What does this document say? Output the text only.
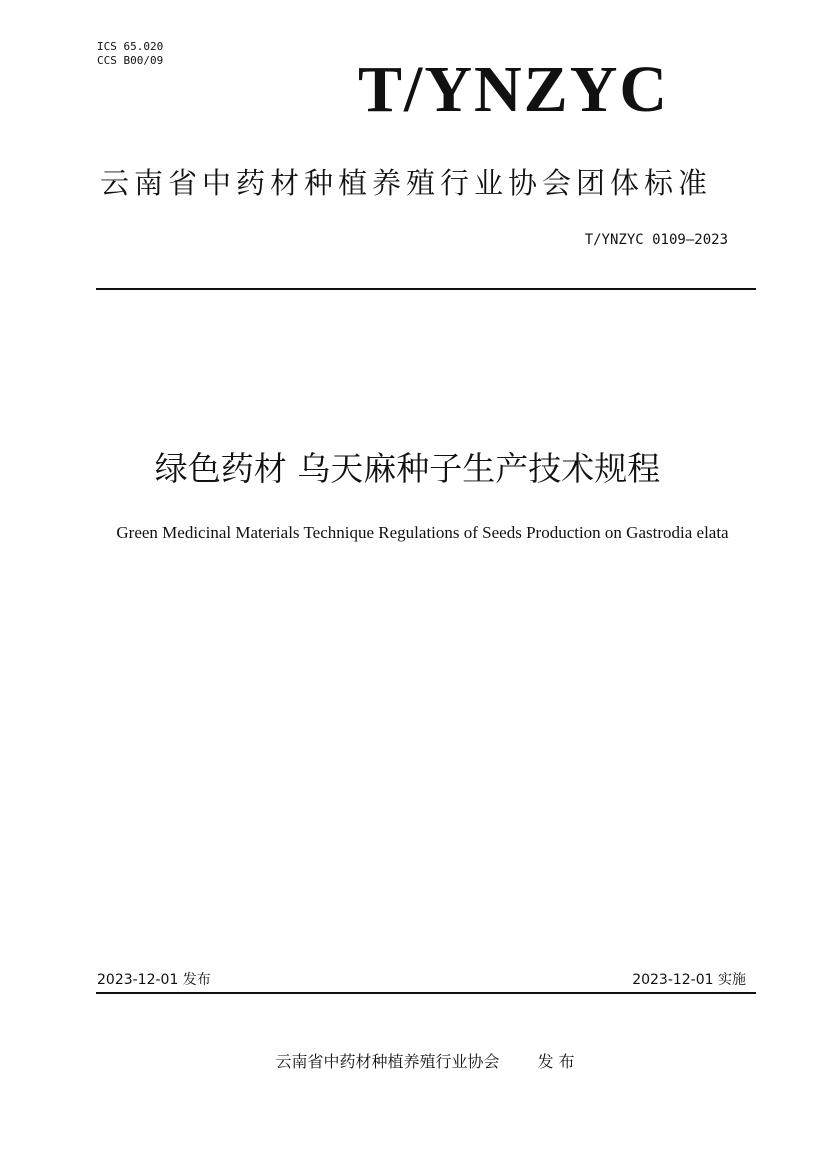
ICS 65.020
CCS B00/09	T/YNZYC
云南省中药材种植养殖行业协会团体标准
T/YNZYC 0109—2023
绿色药材 乌天麻种子生产技术规程
Green Medicinal Materials Technique Regulations of Seeds Production on Gastrodia elata
2023-12-01 发布	2023-12-01 实施
云南省中药材种植养殖行业协会 发 布
